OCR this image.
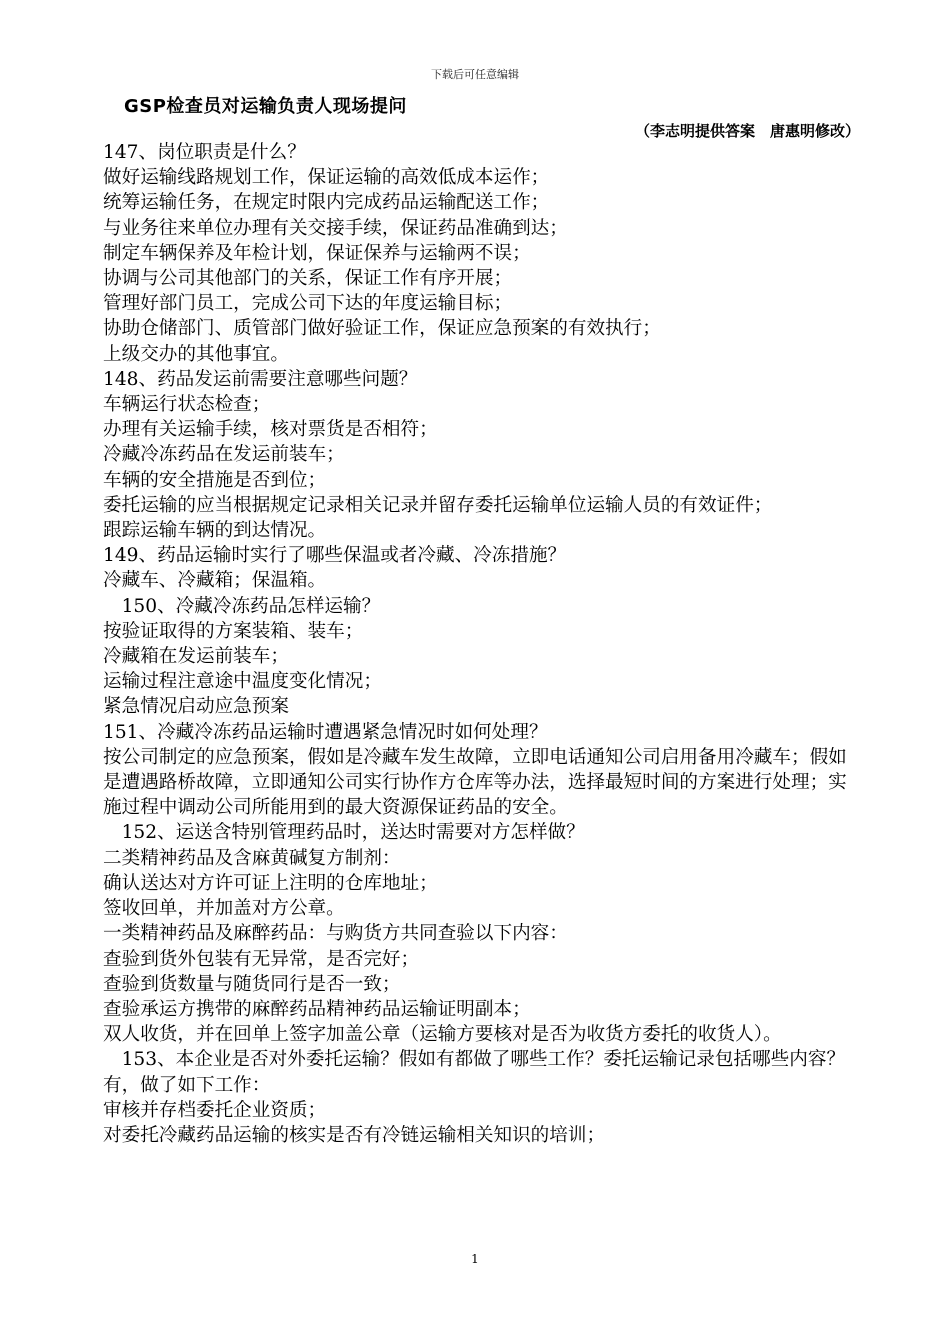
下载后可任意编辑
GSP检查员对运输负责人现场提问
（李志明提供答案　唐惠明修改）
147、岗位职责是什么？
做好运输线路规划工作，保证运输的高效低成本运作；
统筹运输任务，在规定时限内完成药品运输配送工作；
与业务往来单位办理有关交接手续，保证药品准确到达；
制定车辆保养及年检计划，保证保养与运输两不误；
协调与公司其他部门的关系，保证工作有序开展；
管理好部门员工，完成公司下达的年度运输目标；
协助仓储部门、质管部门做好验证工作，保证应急预案的有效执行；
上级交办的其他事宜。
148、药品发运前需要注意哪些问题？
车辆运行状态检查；
办理有关运输手续，核对票货是否相符；
冷藏冷冻药品在发运前装车；
车辆的安全措施是否到位；
委托运输的应当根据规定记录相关记录并留存委托运输单位运输人员的有效证件；
跟踪运输车辆的到达情况。
149、药品运输时实行了哪些保温或者冷藏、冷冻措施？
冷藏车、冷藏箱；保温箱。
　150、冷藏冷冻药品怎样运输？
按验证取得的方案装箱、装车；
冷藏箱在发运前装车；
运输过程注意途中温度变化情况；
紧急情况启动应急预案
151、冷藏冷冻药品运输时遭遇紧急情况时如何处理？
按公司制定的应急预案，假如是冷藏车发生故障，立即电话通知公司启用备用冷藏车；假如是遭遇路桥故障，立即通知公司实行协作方仓库等办法，选择最短时间的方案进行处理；实施过程中调动公司所能用到的最大资源保证药品的安全。
　152、运送含特别管理药品时，送达时需要对方怎样做？
二类精神药品及含麻黄碱复方制剂：
确认送达对方许可证上注明的仓库地址；
签收回单，并加盖对方公章。
一类精神药品及麻醉药品：与购货方共同查验以下内容：
查验到货外包装有无异常，是否完好；
查验到货数量与随货同行是否一致；
查验承运方携带的麻醉药品精神药品运输证明副本；
双人收货，并在回单上签字加盖公章（运输方要核对是否为收货方委托的收货人）。
　153、本企业是否对外委托运输？假如有都做了哪些工作？委托运输记录包括哪些内容？
有，做了如下工作：
审核并存档委托企业资质；
对委托冷藏药品运输的核实是否有冷链运输相关知识的培训；
1
